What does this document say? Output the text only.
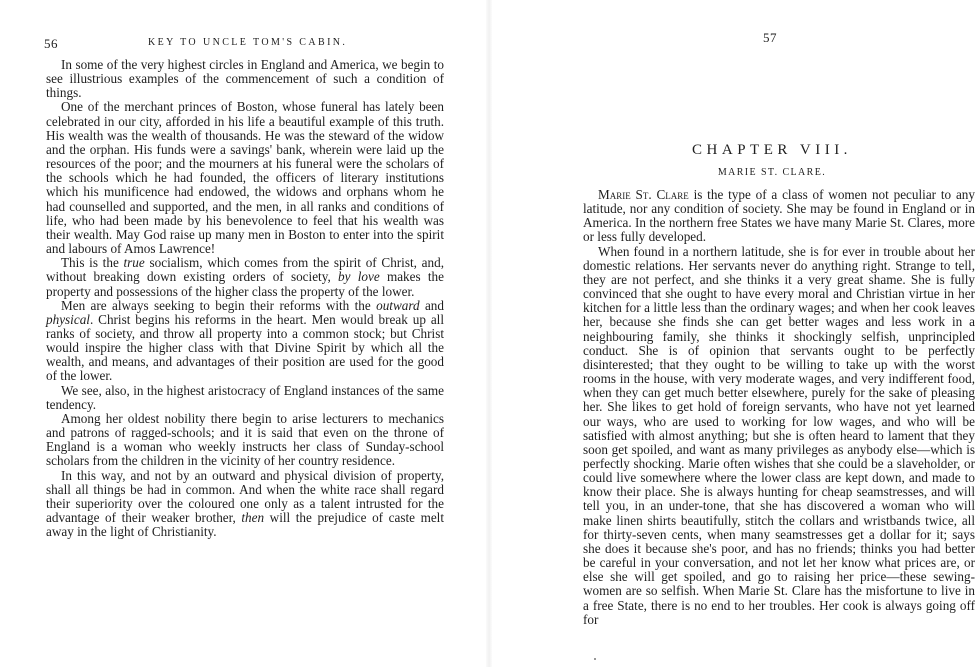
56	KEY TO UNCLE TOM'S CABIN.

In some of the very highest circles in England and America, we begin to see illustrious examples of the commencement of such a condition of things.

One of the merchant princes of Boston, whose funeral has lately been celebrated in our city, afforded in his life a beautiful example of this truth. His wealth was the wealth of thousands. He was the steward of the widow and the orphan. His funds were a savings' bank, wherein were laid up the resources of the poor; and the mourners at his funeral were the scholars of the schools which he had founded, the officers of literary institutions which his munificence had endowed, the widows and orphans whom he had counselled and supported, and the men, in all ranks and conditions of life, who had been made by his benevolence to feel that his wealth was their wealth. May God raise up many men in Boston to enter into the spirit and labours of Amos Lawrence!

This is the true socialism, which comes from the spirit of Christ, and, without breaking down existing orders of society, by love makes the property and possessions of the higher class the property of the lower.

Men are always seeking to begin their reforms with the outward and physical. Christ begins his reforms in the heart. Men would break up all ranks of society, and throw all property into a common stock; but Christ would inspire the higher class with that Divine Spirit by which all the wealth, and means, and advantages of their position are used for the good of the lower.

We see, also, in the highest aristocracy of England instances of the same tendency.

Among her oldest nobility there begin to arise lecturers to mechanics and patrons of ragged-schools; and it is said that even on the throne of England is a woman who weekly instructs her class of Sunday-school scholars from the children in the vicinity of her country residence.

In this way, and not by an outward and physical division of property, shall all things be had in common. And when the white race shall regard their superiority over the coloured one only as a talent intrusted for the advantage of their weaker brother, then will the prejudice of caste melt away in the light of Christianity.

57
CHAPTER VIII.
MARIE ST. CLARE.

Marie St. Clare is the type of a class of women not peculiar to any latitude, nor any condition of society. She may be found in England or in America. In the northern free States we have many Marie St. Clares, more or less fully developed.

When found in a northern latitude, she is for ever in trouble about her domestic relations. Her servants never do anything right. Strange to tell, they are not perfect, and she thinks it a very great shame. She is fully convinced that she ought to have every moral and Christian virtue in her kitchen for a little less than the ordinary wages; and when her cook leaves her, because she finds she can get better wages and less work in a neighbouring family, she thinks it shockingly selfish, unprincipled conduct. She is of opinion that servants ought to be perfectly disinterested; that they ought to be willing to take up with the worst rooms in the house, with very moderate wages, and very indifferent food, when they can get much better elsewhere, purely for the sake of pleasing her. She likes to get hold of foreign servants, who have not yet learned our ways, who are used to working for low wages, and who will be satisfied with almost anything; but she is often heard to lament that they soon get spoiled, and want as many privileges as anybody else—which is perfectly shocking. Marie often wishes that she could be a slaveholder, or could live somewhere where the lower class are kept down, and made to know their place. She is always hunting for cheap seamstresses, and will tell you, in an under-tone, that she has discovered a woman who will make linen shirts beautifully, stitch the collars and wristbands twice, all for thirty-seven cents, when many seamstresses get a dollar for it; says she does it because she's poor, and has no friends; thinks you had better be careful in your conversation, and not let her know what prices are, or else she will get spoiled, and go to raising her price—these sewing-women are so selfish. When Marie St. Clare has the misfortune to live in a free State, there is no end to her troubles. Her cook is always going off for
